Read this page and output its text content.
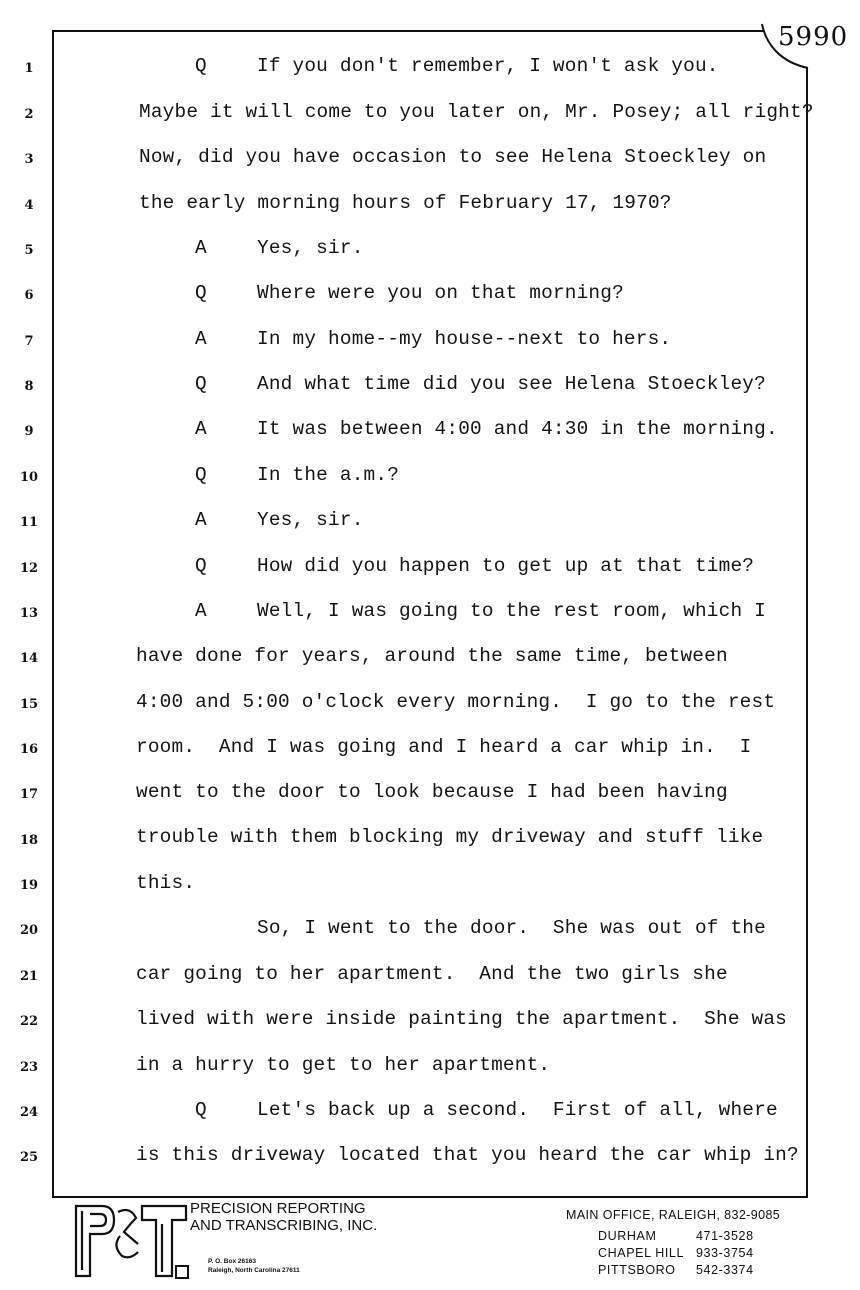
5990
1
2
3
4
5
6
7
8
9
10
11
12
13
14
15
16
17
18
19
20
21
22
23
24
25
Q	If you don't remember, I won't ask you.
Maybe it will come to you later on, Mr. Posey; all right?
Now, did you have occasion to see Helena Stoeckley on
the early morning hours of February 17, 1970?
A	Yes, sir.
Q	Where were you on that morning?
A	In my home--my house--next to hers.
Q	And what time did you see Helena Stoeckley?
A	It was between 4:00 and 4:30 in the morning.
Q	In the a.m.?
A	Yes, sir.
Q	How did you happen to get up at that time?
A	Well, I was going to the rest room, which I
have done for years, around the same time, between
4:00 and 5:00 o'clock every morning.  I go to the rest
room.  And I was going and I heard a car whip in.  I
went to the door to look because I had been having
trouble with them blocking my driveway and stuff like
this.
So, I went to the door.  She was out of the
car going to her apartment.  And the two girls she
lived with were inside painting the apartment.  She was
in a hurry to get to her apartment.
Q	Let's back up a second.  First of all, where
is this driveway located that you heard the car whip in?
PRECISION REPORTING
AND TRANSCRIBING, INC.
P. O. Box 26163
Raleigh, North Carolina 27611
MAIN OFFICE, RALEIGH, 832-9085
DURHAM	471-3528
CHAPEL HILL 933-3754
PITTSBORO 542-3374
